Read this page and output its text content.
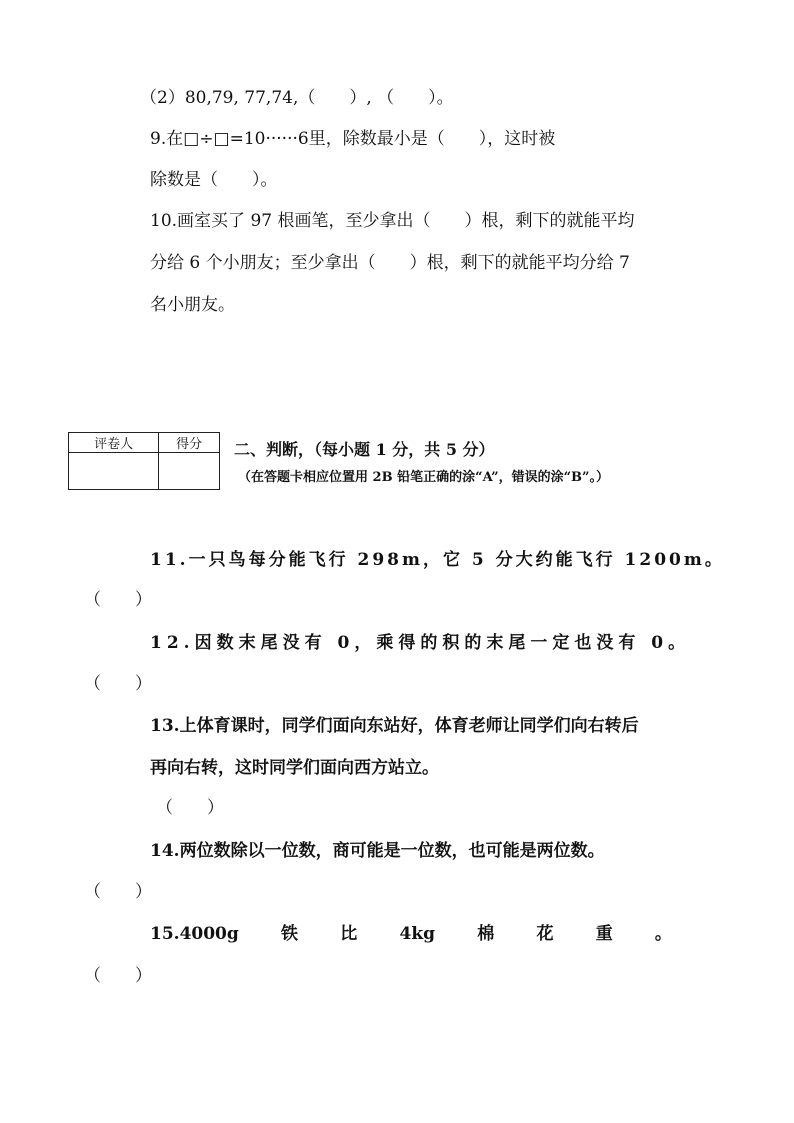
（2）80,79, 77,74,（　　）, （　　）。
9.在□÷□=10······6里，除数最小是（　　），这时被
除数是（　　）。
10.画室买了 97 根画笔，至少拿出（　　）根，剩下的就能平均
分给 6 个小朋友；至少拿出（　　）根，剩下的就能平均分给 7
名小朋友。
评卷人	得分
	二、判断，（每小题 1 分，共 5 分）
（在答题卡相应位置用 2B 铅笔正确的涂“A”，错误的涂“B”。）
11.一只鸟每分能飞行 298m，它 5 分大约能飞行 1200m。
（　　）
12.因数末尾没有 0，乘得的积的末尾一定也没有 0。
（　　）
13.上体育课时，同学们面向东站好，体育老师让同学们向右转后
再向右转，这时同学们面向西方站立。
（　　）
14.两位数除以一位数，商可能是一位数，也可能是两位数。
（　　）
15.4000g 铁 比 4kg 棉 花 重 。
（　　）
